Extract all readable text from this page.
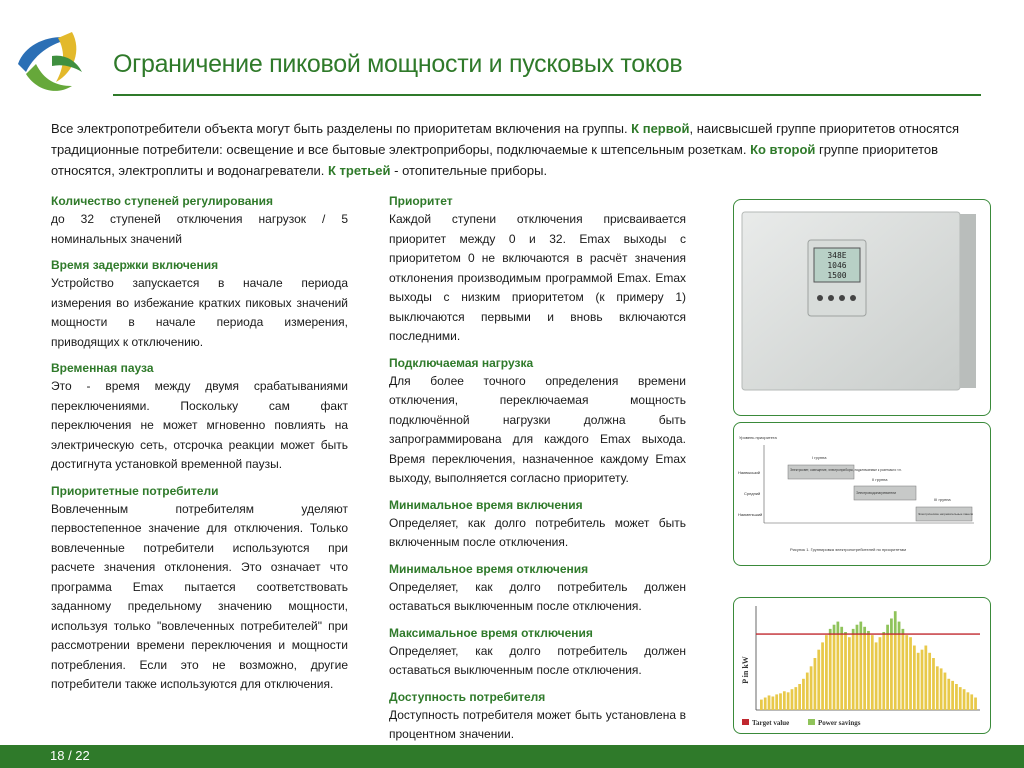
Ограничение пиковой мощности и пусковых токов
Все электропотребители объекта могут быть разделены по приоритетам включения на группы. К первой, наисвысшей группе приоритетов относятся традиционные потребители: освещение и все бытовые электроприборы, подключаемые к штепсельным розеткам. Ко второй группе приоритетов относятся, электроплиты и водонагреватели. К третьей - отопительные приборы.
Количество ступеней регулирования

до 32 ступеней отключения нагрузок / 5 номинальных значений

Время задержки включения

Устройство запускается в начале периода измерения во избежание кратких пиковых значений мощности в начале периода измерения, приводящих к отключению.

Временная пауза

Это - время между двумя срабатываниями переключениями. Поскольку сам факт переключения не может мгновенно повлиять на электрическую сеть, отсрочка реакции может быть достигнута установкой временной паузы.

Приоритетные потребители

Вовлеченным потребителям уделяют первостепенное значение для отключения. Только вовлеченные потребители используются при расчете значения отклонения. Это означает что программа Emax пытается соответствовать заданному предельному значению мощности, используя только "вовлеченных потребителей" при рассмотрении времени переключения и мощности потребления. Если это не возможно, другие потребители также используются для отключения.

Приоритет

Каждой ступени отключения присваивается приоритет между 0 и 32. Emax выходы с приоритетом 0 не включаются в расчёт значения отклонения производимым программой Emax. Emax выходы с низким приоритетом (к примеру 1) выключаются первыми и вновь включаются последними.

Подключаемая нагрузка

Для более точного определения времени отключения, переключаемая мощность подключённой нагрузки должна быть запрограммирована для каждого Emax выхода. Время переключения, назначенное каждому Emax выходу, выполняется согласно приоритету.

Минимальное время включения

Определяет, как долго потребитель может быть включенным после отключения.

Минимальное время отключения

Определяет, как долго потребитель должен оставаться выключенным после отключения.

Максимальное время отключения

Определяет, как долго потребитель должен оставаться выключенным после отключения.

Доступность потребителя

Доступность потребителя может быть установлена в процентном значении.

348E
1046
1500
Уровень приоритета
Наивысший
Средний
Наименьший
I группа
II группа
III группа
Электросвет, освещение, электроприборы, подключаемые к розеткам и т.п.
Электроводонагреватели
Электрические нагревательные панели
Рисунок 1. Группировка электропотребителей по приоритетам
P in kW
Target value	Power savings
18 / 22
